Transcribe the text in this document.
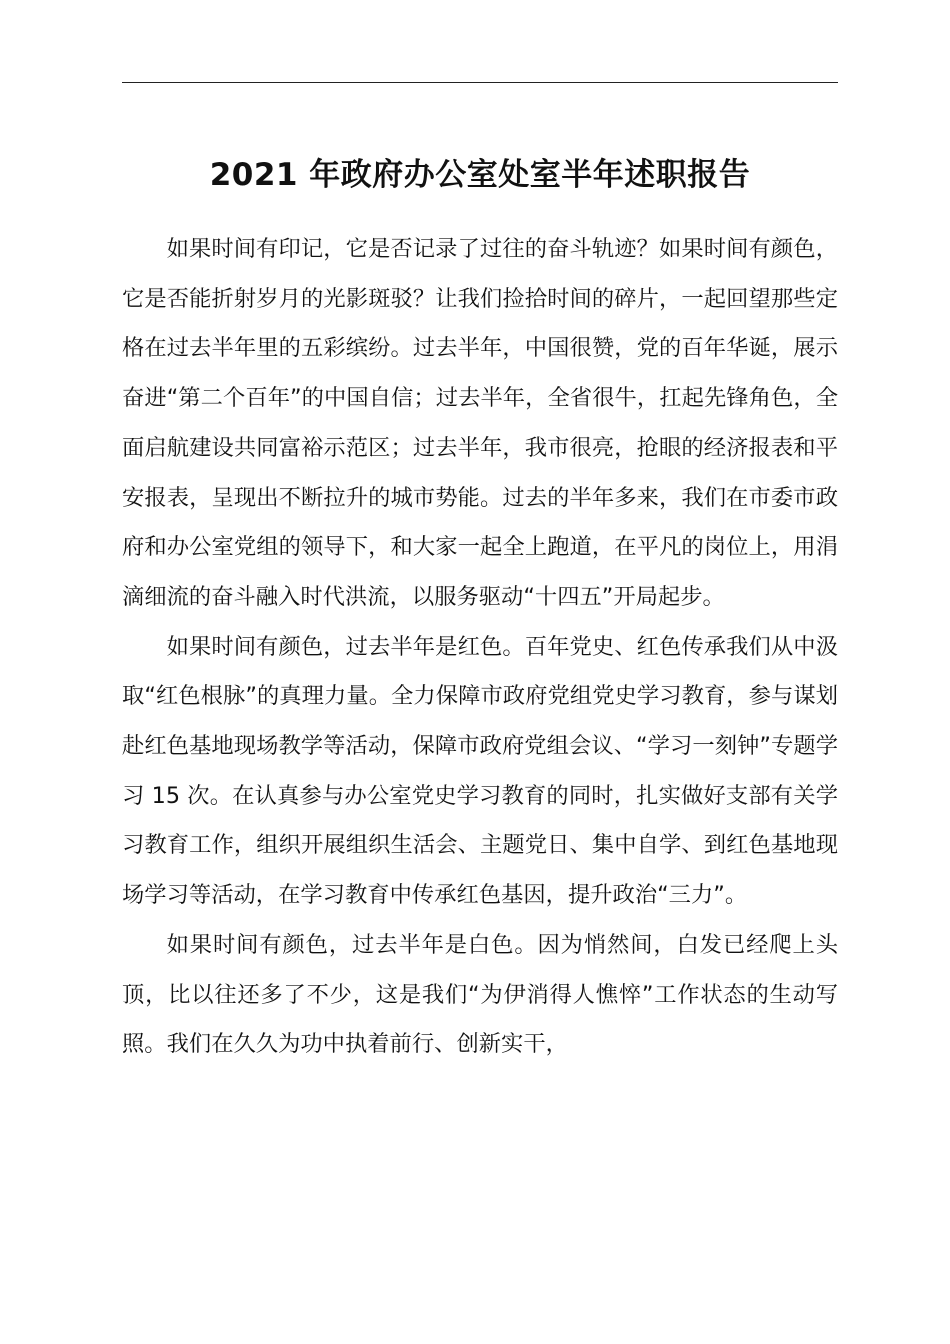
2021 年政府办公室处室半年述职报告

如果时间有印记，它是否记录了过往的奋斗轨迹？如果时间有颜色，它是否能折射岁月的光影斑驳？让我们捡拾时间的碎片，一起回望那些定格在过去半年里的五彩缤纷。过去半年，中国很赞，党的百年华诞，展示奋进“第二个百年”的中国自信；过去半年，全省很牛，扛起先锋角色，全面启航建设共同富裕示范区；过去半年，我市很亮，抢眼的经济报表和平安报表，呈现出不断拉升的城市势能。过去的半年多来，我们在市委市政府和办公室党组的领导下，和大家一起全上跑道，在平凡的岗位上，用涓滴细流的奋斗融入时代洪流，以服务驱动“十四五”开局起步。

如果时间有颜色，过去半年是红色。百年党史、红色传承我们从中汲取“红色根脉”的真理力量。全力保障市政府党组党史学习教育，参与谋划赴红色基地现场教学等活动，保障市政府党组会议、“学习一刻钟”专题学习 15 次。在认真参与办公室党史学习教育的同时，扎实做好支部有关学习教育工作，组织开展组织生活会、主题党日、集中自学、到红色基地现场学习等活动，在学习教育中传承红色基因，提升政治“三力”。

如果时间有颜色，过去半年是白色。因为悄然间，白发已经爬上头顶，比以往还多了不少，这是我们“为伊消得人憔悴”工作状态的生动写照。我们在久久为功中执着前行、创新实干，
